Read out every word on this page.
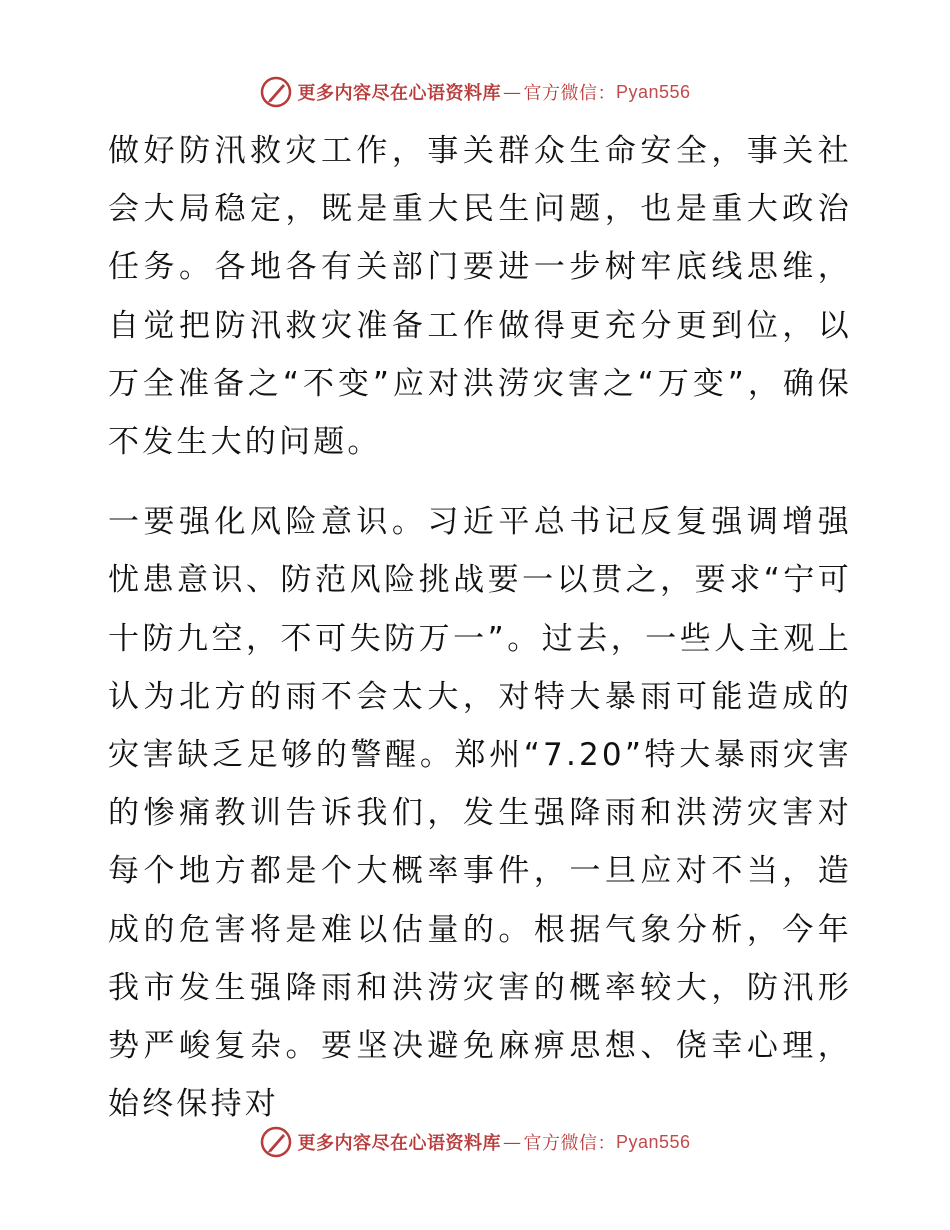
更多内容尽在心语资料库 — 官方微信： Pyan556

做好防汛救灾工作，事关群众生命安全，事关社会大局稳定，既是重大民生问题，也是重大政治任务。各地各有关部门要进一步树牢底线思维，自觉把防汛救灾准备工作做得更充分更到位，以万全准备之“不变”应对洪涝灾害之“万变”，确保不发生大的问题。

一要强化风险意识。习近平总书记反复强调增强忧患意识、防范风险挑战要一以贯之，要求“宁可十防九空，不可失防万一”。过去，一些人主观上认为北方的雨不会太大，对特大暴雨可能造成的灾害缺乏足够的警醒。郑州“7.20”特大暴雨灾害的惨痛教训告诉我们，发生强降雨和洪涝灾害对每个地方都是个大概率事件，一旦应对不当，造成的危害将是难以估量的。根据气象分析，今年我市发生强降雨和洪涝灾害的概率较大，防汛形势严峻复杂。要坚决避免麻痹思想、侥幸心理，始终保持对

更多内容尽在心语资料库 — 官方微信： Pyan556
